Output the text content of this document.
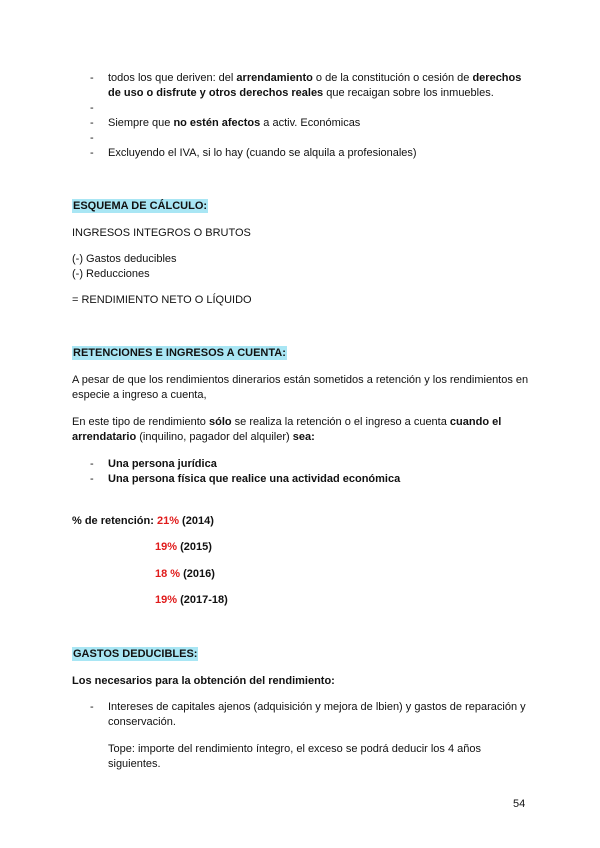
-	todos los que deriven: del arrendamiento o de la constitución o cesión de derechos de uso o disfrute y otros derechos reales que recaigan sobre los inmuebles.
-
-	Siempre que no estén afectos a activ. Económicas
-
-	Excluyendo el IVA, si lo hay (cuando se alquila a profesionales)
ESQUEMA DE CÁLCULO:
INGRESOS INTEGROS O BRUTOS
(-) Gastos deducibles
(-) Reducciones
= RENDIMIENTO NETO O LÍQUIDO
RETENCIONES E INGRESOS A CUENTA:
A pesar de que los rendimientos dinerarios están sometidos a retención y los rendimientos en especie a ingreso a cuenta,
En este tipo de rendimiento sólo se realiza la retención o el ingreso a cuenta cuando el arrendatario (inquilino, pagador del alquiler) sea:
-	Una persona jurídica
-	Una persona física que realice una actividad económica
% de retención: 21% (2014)
19% (2015)
18 % (2016)
19% (2017-18)
GASTOS DEDUCIBLES:
Los necesarios para la obtención del rendimiento:
-	Intereses de capitales ajenos (adquisición y mejora de lbien) y gastos de reparación y conservación.
Tope: importe del rendimiento íntegro, el exceso se podrá deducir los 4 años siguientes.
54
